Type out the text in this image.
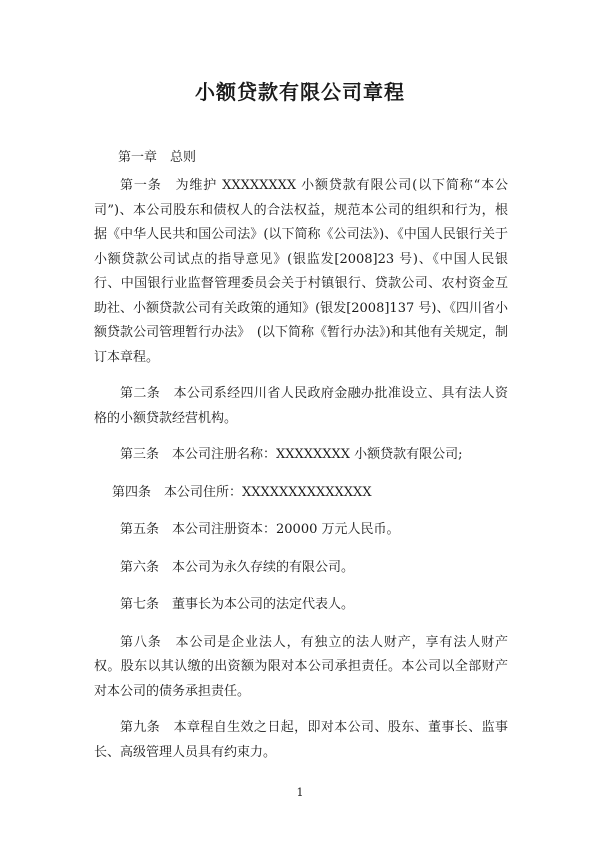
小额贷款有限公司章程
第一章　总则

第一条　为维护 XXXXXXXX 小额贷款有限公司(以下简称“本公司”)、本公司股东和债权人的合法权益，规范本公司的组织和行为，根据《中华人民共和国公司法》(以下简称《公司法》)、《中国人民银行关于小额贷款公司试点的指导意见》(银监发[2008]23 号)、《中国人民银行、中国银行业监督管理委员会关于村镇银行、贷款公司、农村资金互助社、小额贷款公司有关政策的通知》(银发[2008]137 号)、《四川省小额贷款公司管理暂行办法》　(以下简称《暂行办法》)和其他有关规定，制订本章程。

第二条　本公司系经四川省人民政府金融办批准设立、具有法人资格的小额贷款经营机构。

第三条　本公司注册名称：XXXXXXXX 小额贷款有限公司;

第四条　本公司住所：XXXXXXXXXXXXXX

第五条　本公司注册资本：20000 万元人民币。

第六条　本公司为永久存续的有限公司。

第七条　董事长为本公司的法定代表人。

第八条　本公司是企业法人，有独立的法人财产，享有法人财产权。股东以其认缴的出资额为限对本公司承担责任。本公司以全部财产对本公司的债务承担责任。

第九条　本章程自生效之日起，即对本公司、股东、董事长、监事长、高级管理人员具有约束力。

1
